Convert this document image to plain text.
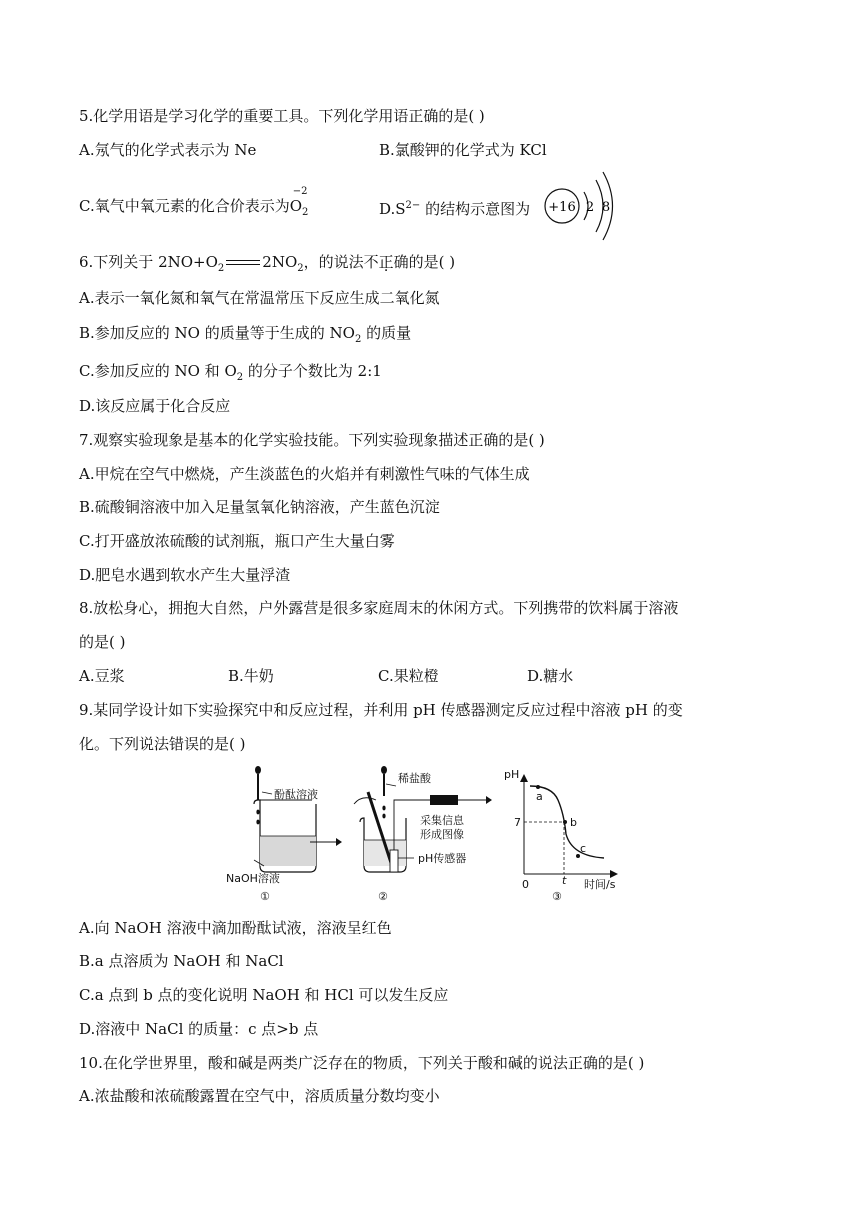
5.化学用语是学习化学的重要工具。下列化学用语正确的是( )
A.氖气的化学式表示为 Ne	B.氯酸钾的化学式为 KCl
C.氧气中氧元素的化合价表示为
−2
$O_2$	$D.S^{2-}$ 的结构示意图为 +16 2 8
6.下列关于 $2NO+O_2$	$2NO_2$，的说法不正确的是( )
A.表示一氧化氮和氧气在常温常压下反应生成二氧化氮
B.参加反应的 NO 的质量等于生成的 $NO_2$ 的质量
C.参加反应的 NO 和 $O_2$ 的分子个数比为 2:1
D.该反应属于化合反应
7.观察实验现象是基本的化学实验技能。下列实验现象描述正确的是( )
A.甲烷在空气中燃烧，产生淡蓝色的火焰并有刺激性气味的气体生成
B.硫酸铜溶液中加入足量氢氧化钠溶液，产生蓝色沉淀
C.打开盛放浓硫酸的试剂瓶，瓶口产生大量白雾
D.肥皂水遇到软水产生大量浮渣
8.放松身心，拥抱大自然，户外露营是很多家庭周末的休闲方式。下列携带的饮料属于溶液
的是( )
A.豆浆	B.牛奶	C.果粒橙	D.糖水
9.某同学设计如下实验探究中和反应过程，并利用 pH 传感器测定反应过程中溶液 pH 的变
化。下列说法错误的是( )
酚酞溶液
NaOH溶液
①
稀盐酸
采集信息
形成图像
pH传感器
②
pH
7
0	t 时间/s
a
b
c
③
A.向 NaOH 溶液中滴加酚酞试液，溶液呈红色
B.a 点溶质为 NaOH 和 NaCl
C.a 点到 b 点的变化说明 NaOH 和 HCl 可以发生反应
D.溶液中 NaCl 的质量：c 点>b 点
10.在化学世界里，酸和碱是两类广泛存在的物质，下列关于酸和碱的说法正确的是( )
A.浓盐酸和浓硫酸露置在空气中，溶质质量分数均变小
